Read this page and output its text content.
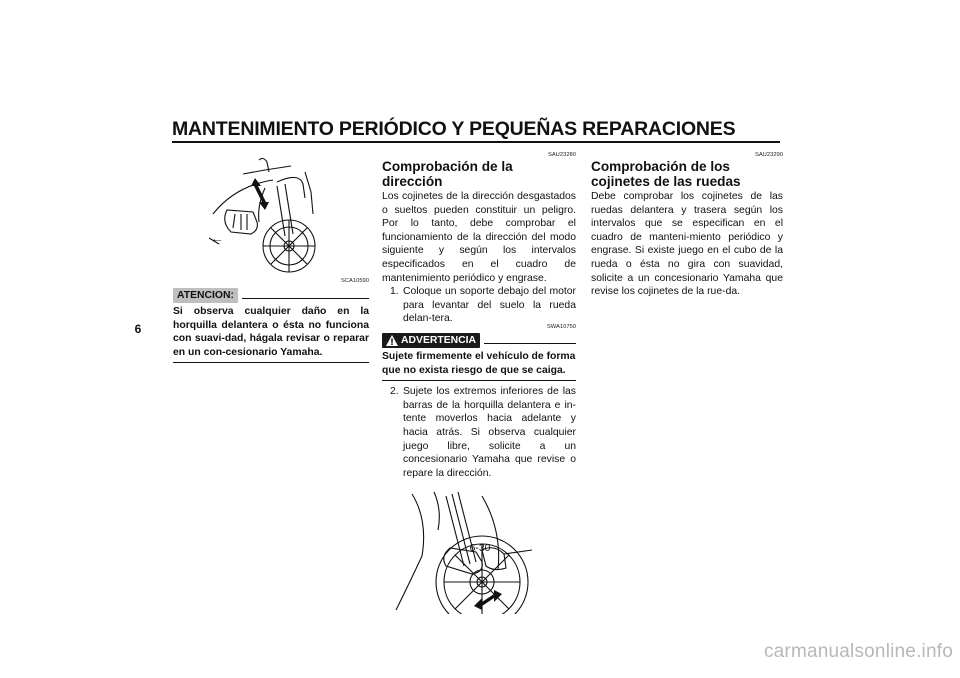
MANTENIMIENTO PERIÓDICO Y PEQUEÑAS REPARACIONES
6
⟵
SCA10590
ATENCION:
Si observa cualquier daño en la horquilla delantera o ésta no funciona con suavi-dad, hágala revisar o reparar en un con-cesionario Yamaha.
SAU23280
Comprobación de la dirección
Los cojinetes de la dirección desgastados o sueltos pueden constituir un peligro. Por lo tanto, debe comprobar el funcionamiento de la dirección del modo siguiente y según los intervalos especificados en el cuadro de mantenimiento periódico y engrase.
1. Coloque un soporte debajo del motor para levantar del suelo la rueda delan-tera.
SWA10750
ADVERTENCIA
Sujete firmemente el vehículo de forma que no exista riesgo de que se caiga.
2. Sujete los extremos inferiores de las barras de la horquilla delantera e in-tente moverlos hacia adelante y hacia atrás. Si observa cualquier juego libre, solicite a un concesionario Yamaha que revise o repare la dirección.
SAU23290
Comprobación de los cojinetes de las ruedas
Debe comprobar los cojinetes de las ruedas delantera y trasera según los intervalos que se especifican en el cuadro de manteni-miento periódico y engrase. Si existe juego en el cubo de la rueda o ésta no gira con suavidad, solicite a un concesionario Yamaha que revise los cojinetes de la rue-da.
6-30
carmanualsonline.info
